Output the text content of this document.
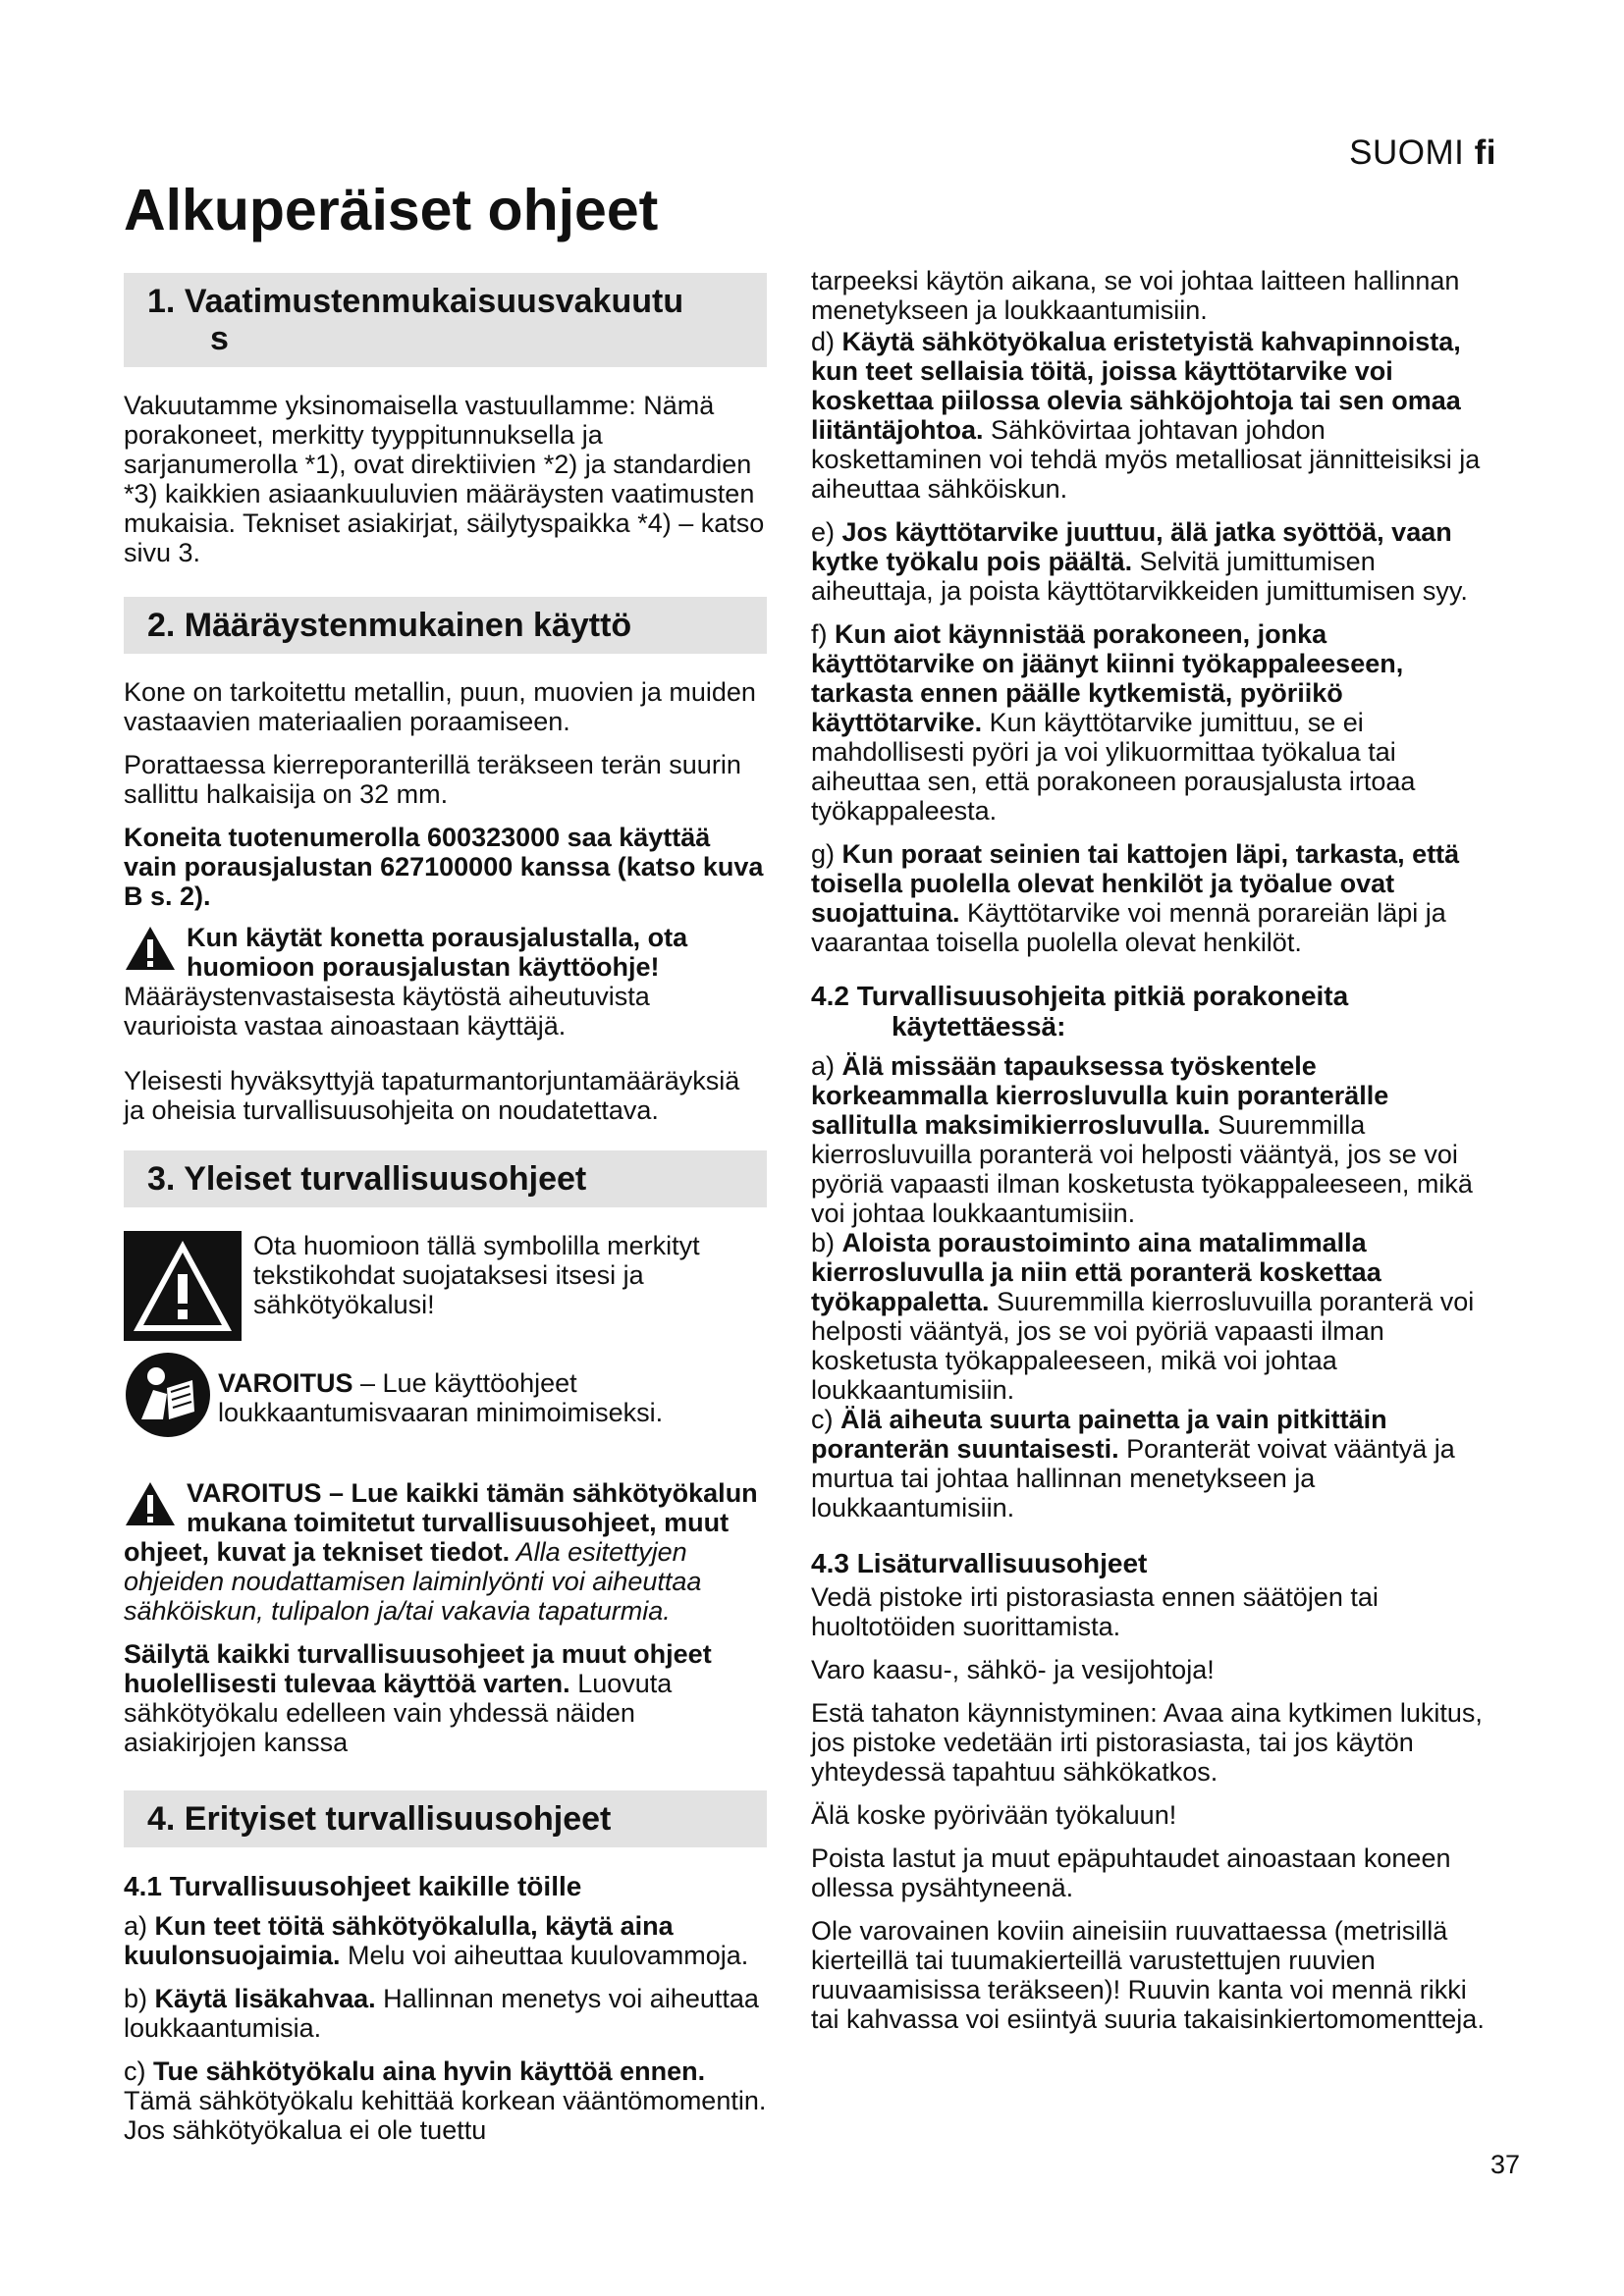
SUOMI fi
Alkuperäiset ohjeet
1. Vaatimustenmukaisuusvakuutu
s

Vakuutamme yksinomaisella vastuullamme: Nämä porakoneet, merkitty tyyppitunnuksella ja sarjanumerolla *1), ovat direktiivien *2) ja standardien *3) kaikkien asiaankuuluvien määräysten vaatimusten mukaisia. Tekniset asiakirjat, säilytyspaikka *4) – katso sivu 3.

2. Määräystenmukainen käyttö

Kone on tarkoitettu metallin, puun, muovien ja muiden vastaavien materiaalien poraamiseen.

Porattaessa kierreporanterillä teräkseen terän suurin sallittu halkaisija on 32 mm.

Koneita tuotenumerolla 600323000 saa käyttää vain porausjalustan 627100000 kanssa (katso kuva B s. 2).

Kun käytät konetta porausjalustalla, ota huomioon porausjalustan käyttöohje!

Määräystenvastaisesta käytöstä aiheutuvista vaurioista vastaa ainoastaan käyttäjä.

Yleisesti hyväksyttyjä tapaturmantorjuntamääräyksiä ja oheisia turvallisuusohjeita on noudatettava.

3. Yleiset turvallisuusohjeet
Ota huomioon tällä symbolilla merkityt tekstikohdat suojataksesi itsesi ja sähkötyökalusi!
VAROITUS – Lue käyttöohjeet loukkaantumisvaaran minimoimiseksi.
VAROITUS – Lue kaikki tämän sähkötyökalun mukana toimitetut turvallisuusohjeet, muut ohjeet, kuvat ja tekniset tiedot. Alla esitettyjen ohjeiden noudattamisen laiminlyönti voi aiheuttaa sähköiskun, tulipalon ja/tai vakavia tapaturmia.

Säilytä kaikki turvallisuusohjeet ja muut ohjeet huolellisesti tulevaa käyttöä varten. Luovuta sähkötyökalu edelleen vain yhdessä näiden asiakirjojen kanssa

4. Erityiset turvallisuusohjeet
4.1 Turvallisuusohjeet kaikille töille

a) Kun teet töitä sähkötyökalulla, käytä aina kuulonsuojaimia. Melu voi aiheuttaa kuulovammoja.

b) Käytä lisäkahvaa. Hallinnan menetys voi aiheuttaa loukkaantumisia.

c) Tue sähkötyökalu aina hyvin käyttöä ennen. Tämä sähkötyökalu kehittää korkean vääntömomentin. Jos sähkötyökalua ei ole tuettu

tarpeeksi käytön aikana, se voi johtaa laitteen hallinnan menetykseen ja loukkaantumisiin.

d) Käytä sähkötyökalua eristetyistä kahvapinnoista, kun teet sellaisia töitä, joissa käyttötarvike voi koskettaa piilossa olevia sähköjohtoja tai sen omaa liitäntäjohtoa. Sähkövirtaa johtavan johdon koskettaminen voi tehdä myös metalliosat jännitteisiksi ja aiheuttaa sähköiskun.

e) Jos käyttötarvike juuttuu, älä jatka syöttöä, vaan kytke työkalu pois päältä. Selvitä jumittumisen aiheuttaja, ja poista käyttötarvikkeiden jumittumisen syy.

f) Kun aiot käynnistää porakoneen, jonka käyttötarvike on jäänyt kiinni työkappaleeseen, tarkasta ennen päälle kytkemistä, pyöriikö käyttötarvike. Kun käyttötarvike jumittuu, se ei mahdollisesti pyöri ja voi ylikuormittaa työkalua tai aiheuttaa sen, että porakoneen porausjalusta irtoaa työkappaleesta.

g) Kun poraat seinien tai kattojen läpi, tarkasta, että toisella puolella olevat henkilöt ja työalue ovat suojattuina. Käyttötarvike voi mennä porareiän läpi ja vaarantaa toisella puolella olevat henkilöt.

4.2 Turvallisuusohjeita pitkiä porakoneita
käytettäessä:

a) Älä missään tapauksessa työskentele korkeammalla kierrosluvulla kuin poranterälle sallitulla maksimikierrosluvulla. Suuremmilla kierrosluvuilla poranterä voi helposti vääntyä, jos se voi pyöriä vapaasti ilman kosketusta työkappaleeseen, mikä voi johtaa loukkaantumisiin.

b) Aloista poraustoiminto aina matalimmalla kierrosluvulla ja niin että poranterä koskettaa työkappaletta. Suuremmilla kierrosluvuilla poranterä voi helposti vääntyä, jos se voi pyöriä vapaasti ilman kosketusta työkappaleeseen, mikä voi johtaa loukkaantumisiin.

c) Älä aiheuta suurta painetta ja vain pitkittäin poranterän suuntaisesti. Poranterät voivat vääntyä ja murtua tai johtaa hallinnan menetykseen ja loukkaantumisiin.

4.3 Lisäturvallisuusohjeet

Vedä pistoke irti pistorasiasta ennen säätöjen tai huoltotöiden suorittamista.

Varo kaasu-, sähkö- ja vesijohtoja!

Estä tahaton käynnistyminen: Avaa aina kytkimen lukitus, jos pistoke vedetään irti pistorasiasta, tai jos käytön yhteydessä tapahtuu sähkökatkos.

Älä koske pyörivään työkaluun!

Poista lastut ja muut epäpuhtaudet ainoastaan koneen ollessa pysähtyneenä.

Ole varovainen koviin aineisiin ruuvattaessa (metrisillä kierteillä tai tuumakierteillä varustettujen ruuvien ruuvaamisissa teräkseen)! Ruuvin kanta voi mennä rikki tai kahvassa voi esiintyä suuria takaisinkiertomomentteja.

37
